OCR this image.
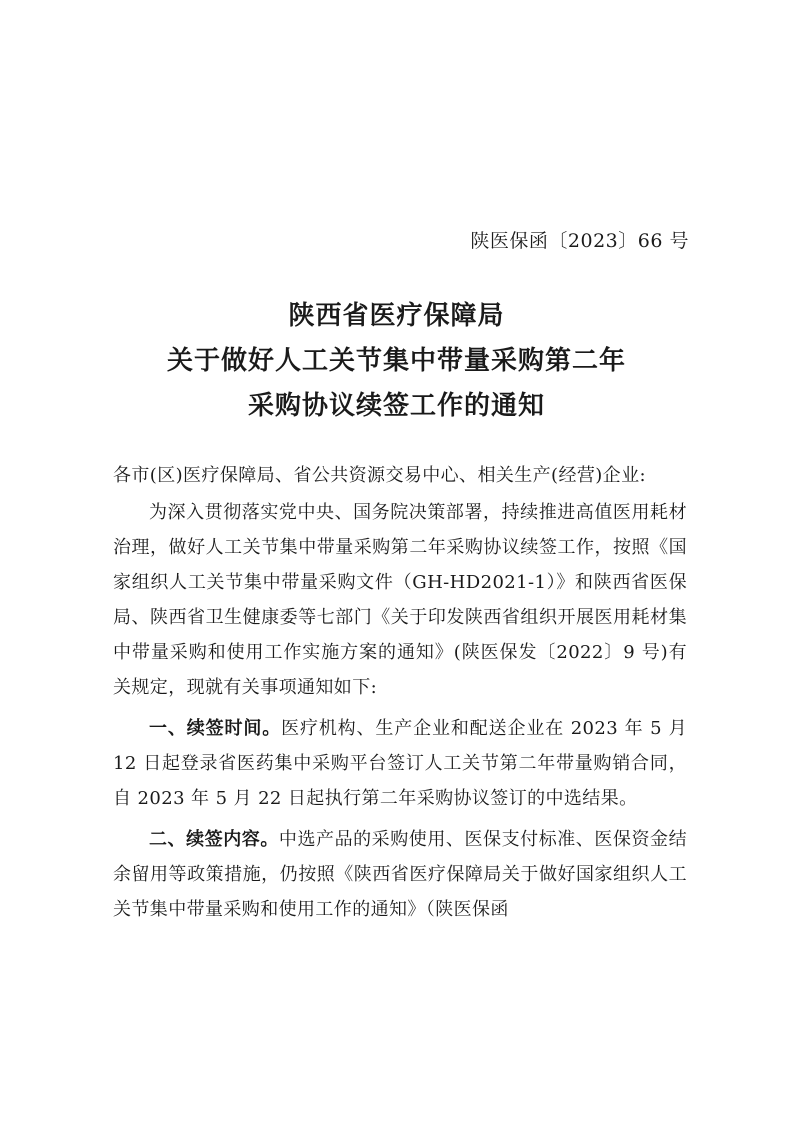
陕医保函〔2023〕66 号
陕西省医疗保障局
关于做好人工关节集中带量采购第二年
采购协议续签工作的通知

各市(区)医疗保障局、省公共资源交易中心、相关生产(经营)企业:

为深入贯彻落实党中央、国务院决策部署，持续推进高值医用耗材治理，做好人工关节集中带量采购第二年采购协议续签工作，按照《国家组织人工关节集中带量采购文件（GH-HD2021-1）》和陕西省医保局、陕西省卫生健康委等七部门《关于印发陕西省组织开展医用耗材集中带量采购和使用工作实施方案的通知》(陕医保发〔2022〕9 号)有关规定，现就有关事项通知如下:

一、续签时间。医疗机构、生产企业和配送企业在 2023 年 5 月 12 日起登录省医药集中采购平台签订人工关节第二年带量购销合同，自 2023 年 5 月 22 日起执行第二年采购协议签订的中选结果。

二、续签内容。中选产品的采购使用、医保支付标准、医保资金结余留用等政策措施，仍按照《陕西省医疗保障局关于做好国家组织人工关节集中带量采购和使用工作的通知》（陕医保函
